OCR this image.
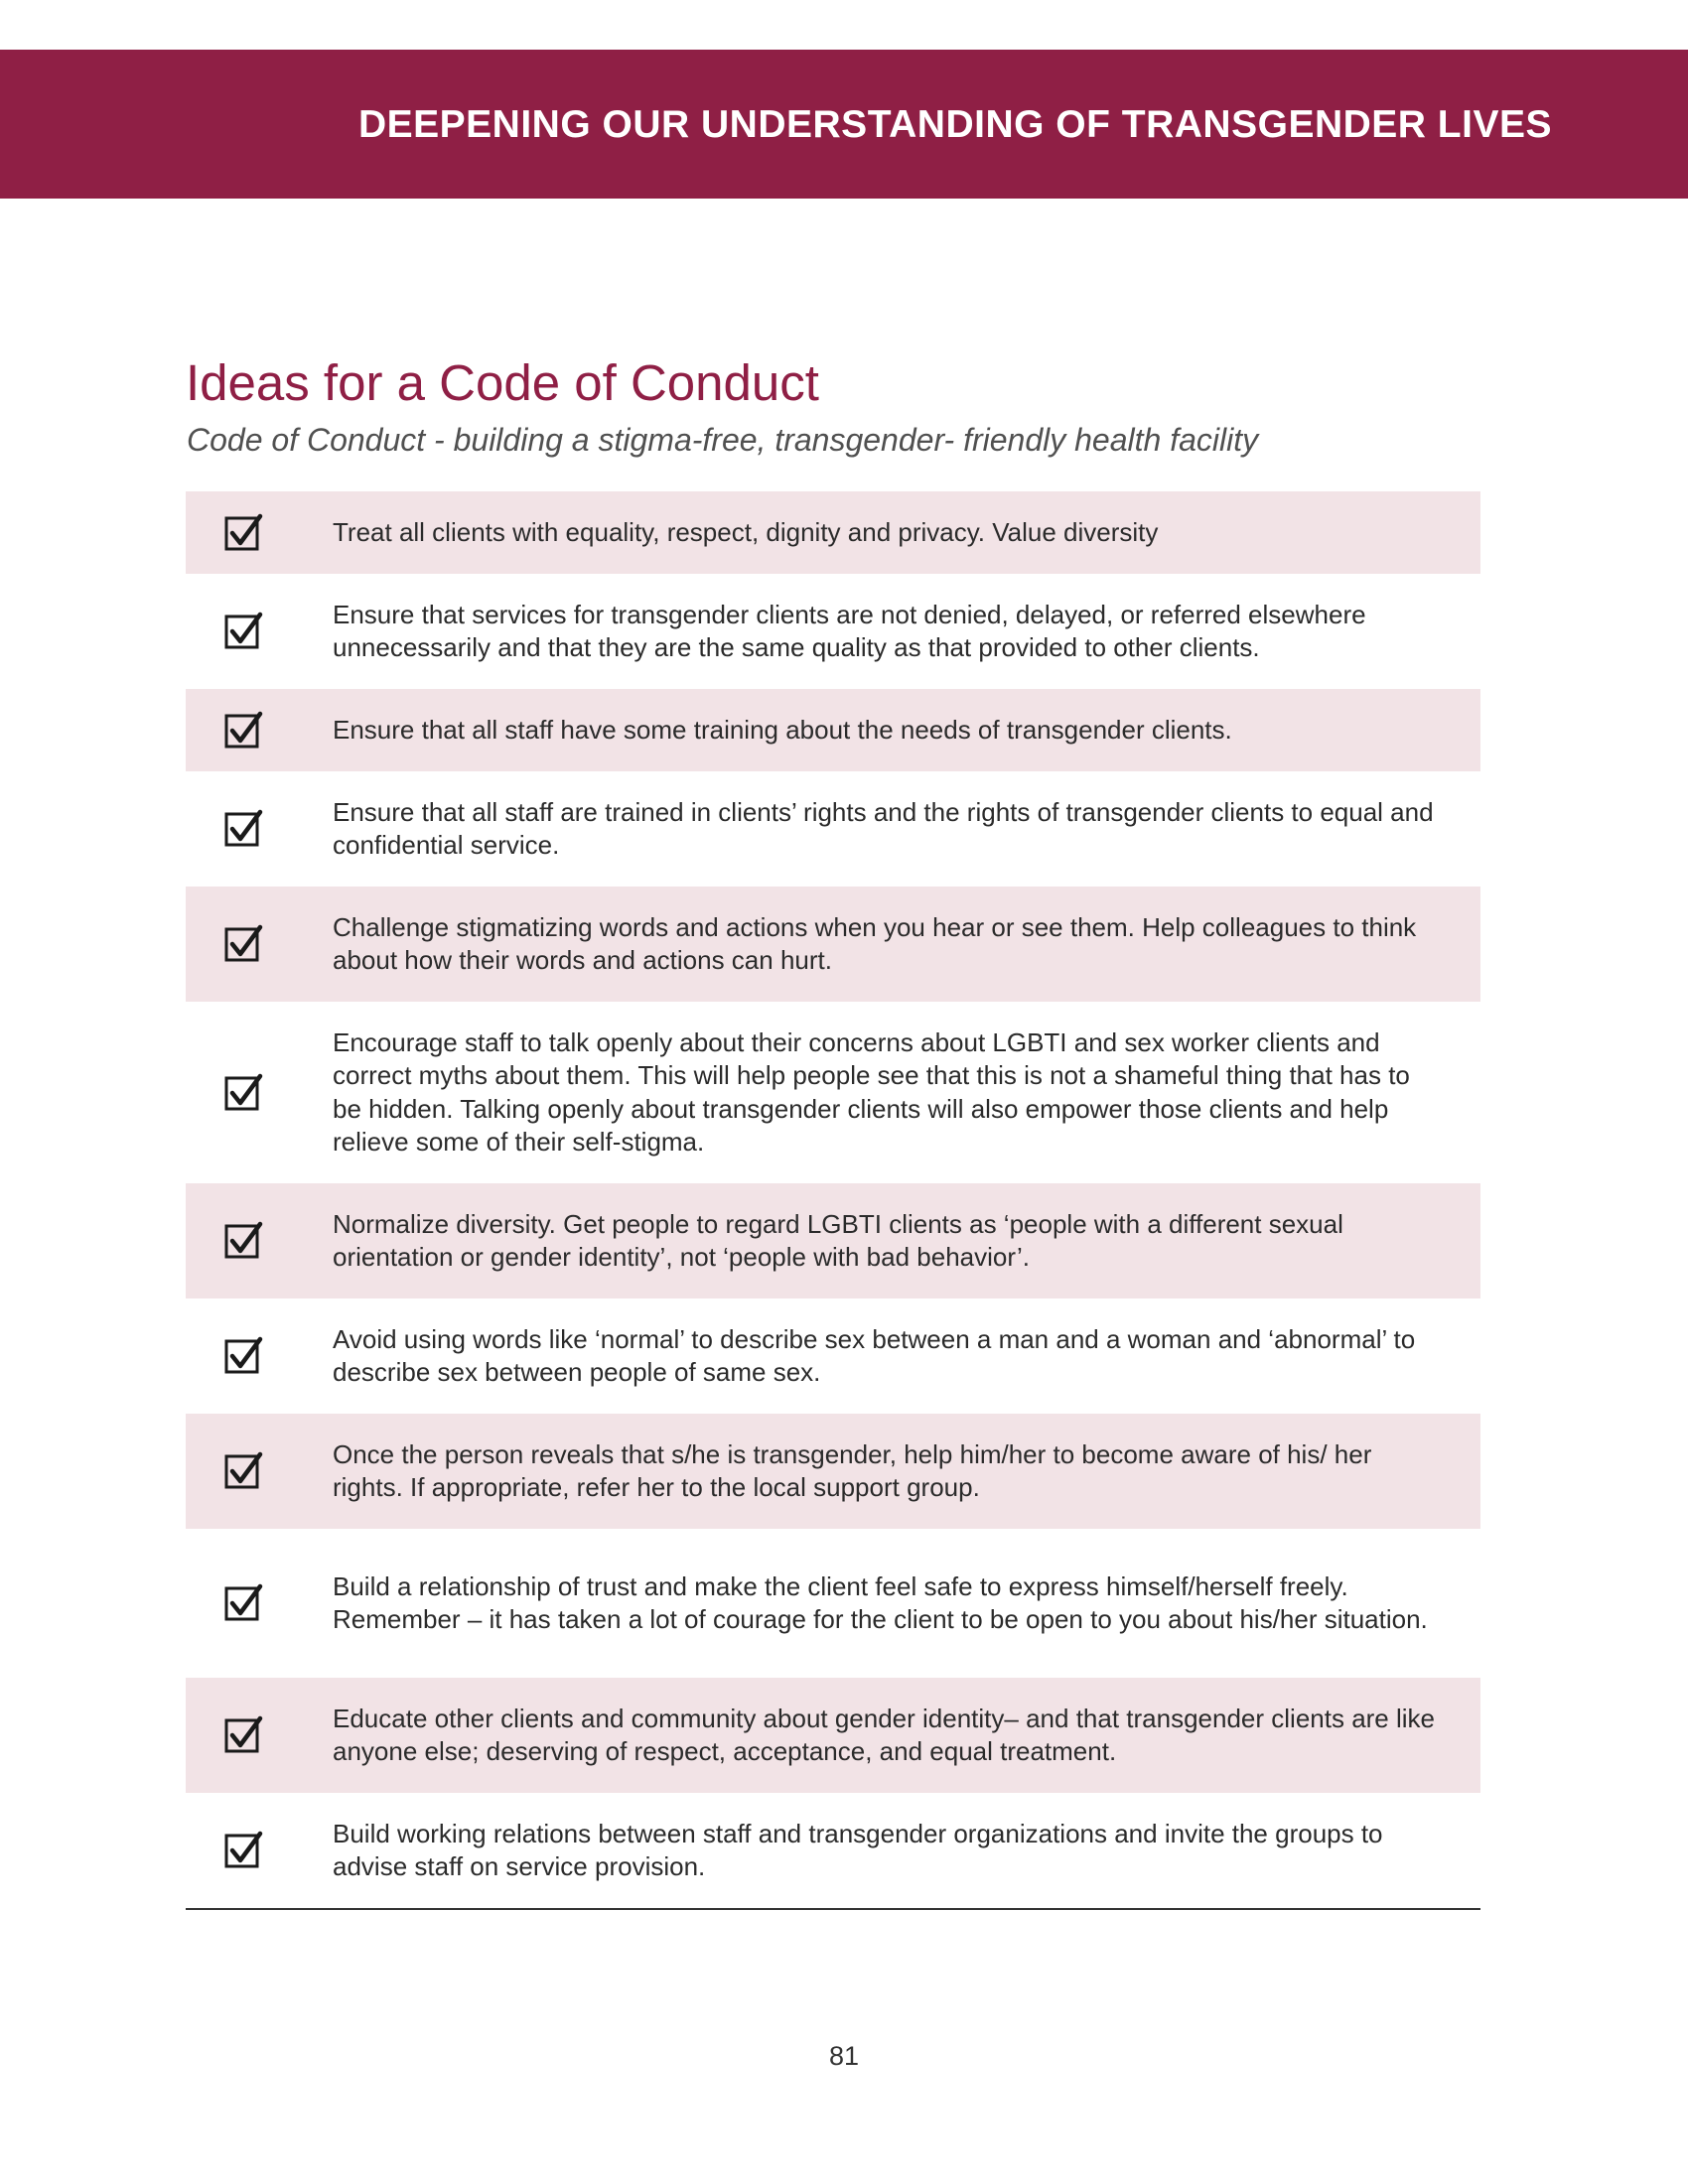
DEEPENING OUR UNDERSTANDING OF TRANSGENDER LIVES
Ideas for a Code of Conduct

Code of Conduct - building a stigma-free, transgender- friendly health facility

Treat all clients with equality, respect, dignity and privacy. Value diversity
Ensure that services for transgender clients are not denied, delayed, or referred elsewhere unnecessarily and that they are the same quality as that provided to other clients.
Ensure that all staff have some training about the needs of transgender clients.
Ensure that all staff are trained in clients’ rights and the rights of transgender clients to equal and confidential service.
Challenge stigmatizing words and actions when you hear or see them. Help colleagues to think about how their words and actions can hurt.
Encourage staff to talk openly about their concerns about LGBTI and sex worker clients and correct myths about them. This will help people see that this is not a shameful thing that has to be hidden. Talking openly about transgender clients will also empower those clients and help relieve some of their self-stigma.
Normalize diversity. Get people to regard LGBTI clients as ‘people with a different sexual orientation or gender identity’, not ‘people with bad behavior’.
Avoid using words like ‘normal’ to describe sex between a man and a woman and ‘abnormal’ to describe sex between people of same sex.
Once the person reveals that s/he is transgender, help him/her to become aware of his/ her rights. If appropriate, refer her to the local support group.
Build a relationship of trust and make the client feel safe to express himself/herself freely. Remember – it has taken a lot of courage for the client to be open to you about his/her situation.
Educate other clients and community about gender identity– and that transgender clients are like anyone else; deserving of respect, acceptance, and equal treatment.
Build working relations between staff and transgender organizations and invite the groups to advise staff on service provision.
81
